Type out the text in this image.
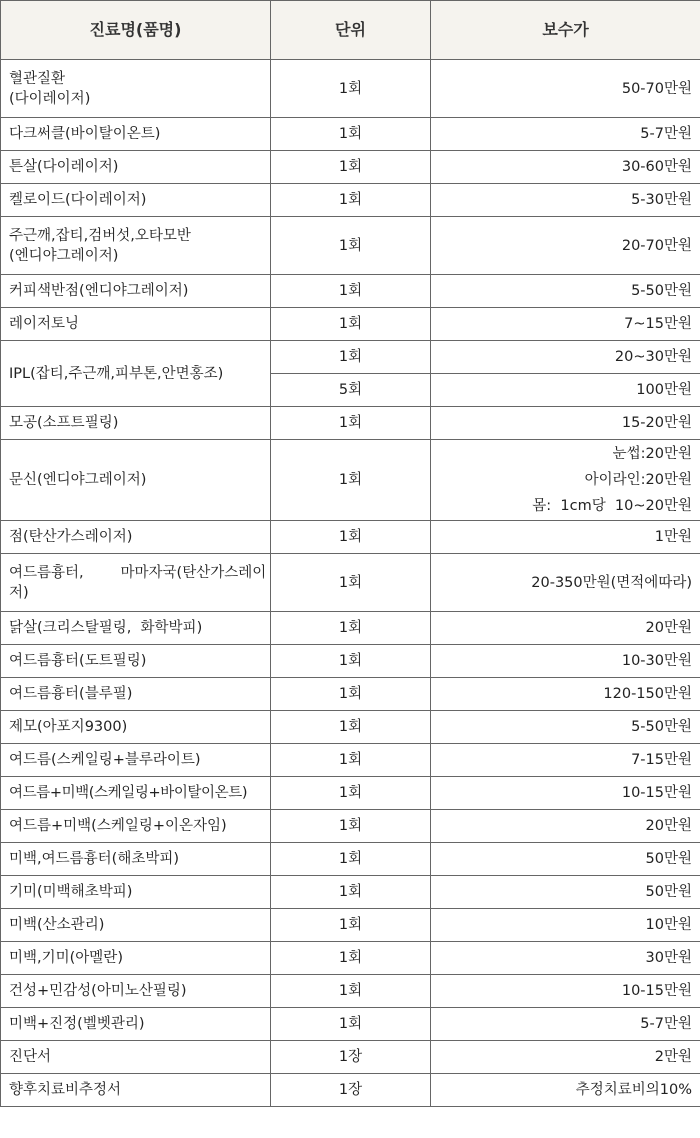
진료명(품명)	단위	보수가

혈관질환
(다이레이저)	1회	50-70만원
다크써클(바이탈이온트)	1회	5-7만원
튼살(다이레이저)	1회	30-60만원
켈로이드(다이레이저)	1회	5-30만원

주근깨,잡티,검버섯,오타모반
(엔디야그레이저)	1회	20-70만원
커피색반점(엔디야그레이저)	1회	5-50만원
레이저토닝	1회	7~15만원
IPL(잡티,주근깨,피부톤,안면홍조)	1회	20~30만원
	5회	100만원
모공(소프트필링)	1회	15-20만원
문신(엔디야그레이저)	1회	눈썹:20만원
아이라인:20만원
몸:  1cm당  10~20만원

점(탄산가스레이저)	1회	1만원

여드름흉터,        마마자국(탄산가스레이
저)	1회	20-350만원(면적에따라)
닭살(크리스탈필링,  화학박피)	1회	20만원
여드름흉터(도트필링)	1회	10-30만원
여드름흉터(블루필)	1회	120-150만원
제모(아포지9300)	1회	5-50만원
여드름(스케일링+블루라이트)	1회	7-15만원
여드름+미백(스케일링+바이탈이온트)	1회	10-15만원
여드름+미백(스케일링+이온자임)	1회	20만원
미백,여드름흉터(해초박피)	1회	50만원
기미(미백해초박피)	1회	50만원
미백(산소관리)	1회	10만원
미백,기미(아멜란)	1회	30만원
건성+민감성(아미노산필링)	1회	10-15만원
미백+진정(벨벳관리)	1회	5-7만원
진단서	1장	2만원
향후치료비추정서	1장	추정치료비의10%
